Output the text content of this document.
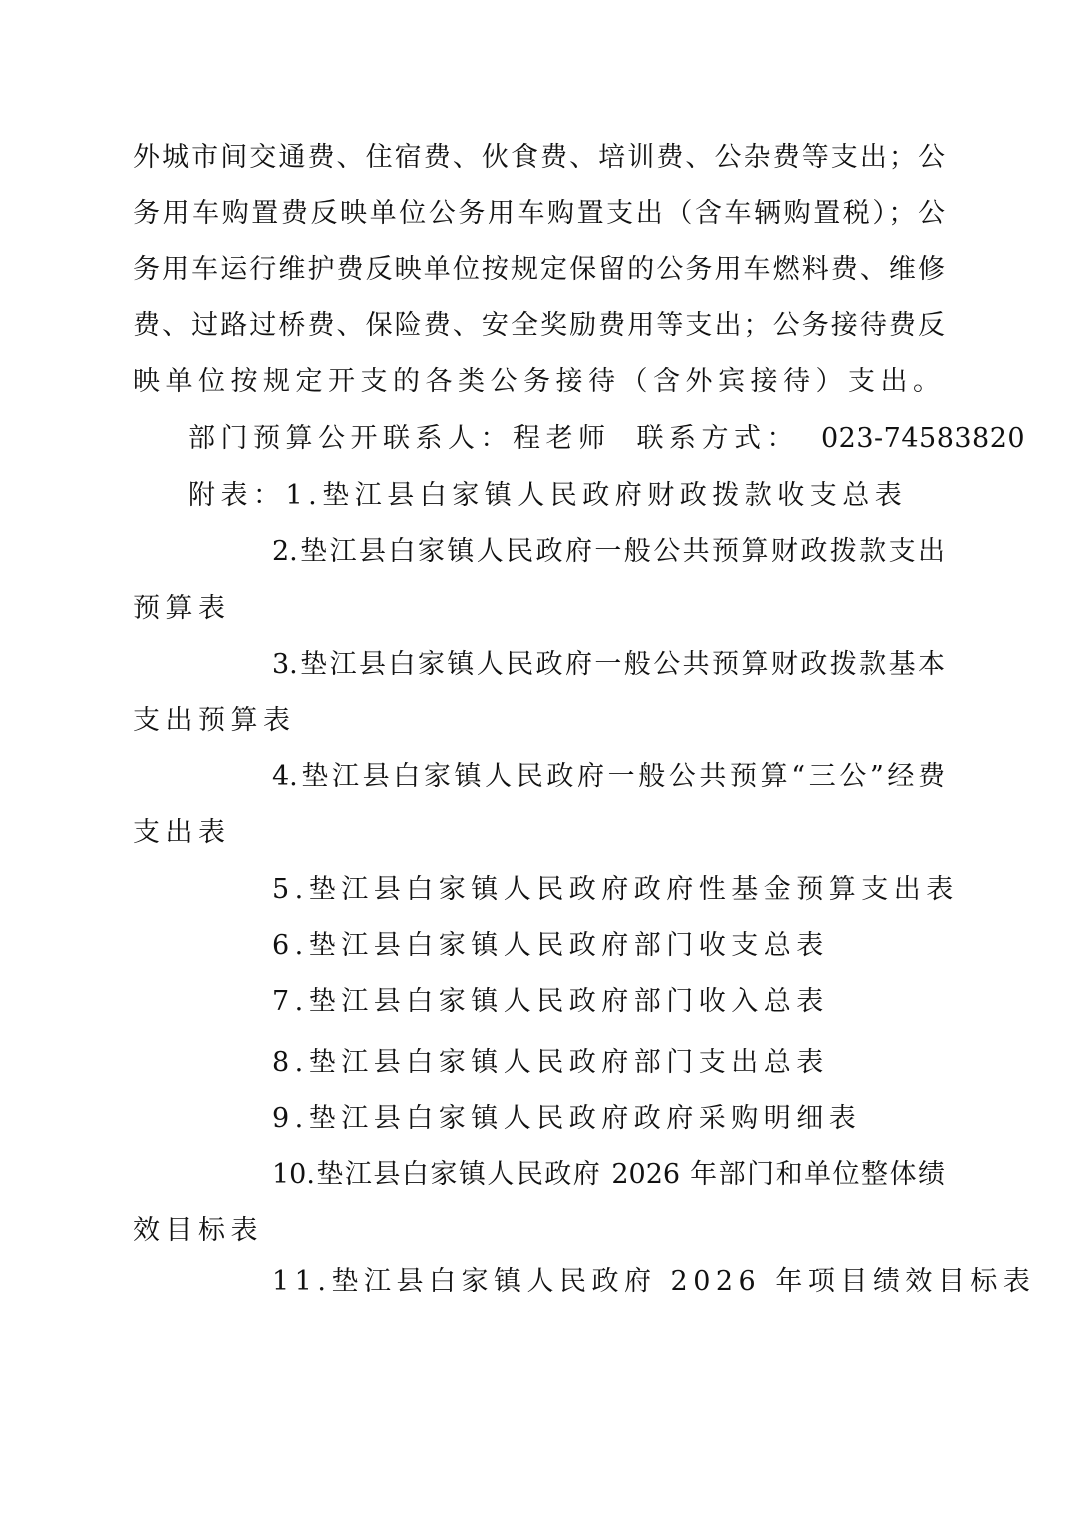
外城市间交通费、住宿费、伙食费、培训费、公杂费等支出；公
务用车购置费反映单位公务用车购置支出（含车辆购置税）；公
务用车运行维护费反映单位按规定保留的公务用车燃料费、维修
费、过路过桥费、保险费、安全奖励费用等支出；公务接待费反
映单位按规定开支的各类公务接待（含外宾接待）支出。
部门预算公开联系人：程老师 联系方式： 023-74583820
附表：1.垫江县白家镇人民政府财政拨款收支总表
2.垫江县白家镇人民政府一般公共预算财政拨款支出
预算表
3.垫江县白家镇人民政府一般公共预算财政拨款基本
支出预算表
4.垫江县白家镇人民政府一般公共预算“三公”经费
支出表
5.垫江县白家镇人民政府政府性基金预算支出表
6.垫江县白家镇人民政府部门收支总表
7.垫江县白家镇人民政府部门收入总表
8.垫江县白家镇人民政府部门支出总表
9.垫江县白家镇人民政府政府采购明细表
10.垫江县白家镇人民政府 2026 年部门和单位整体绩
效目标表
11.垫江县白家镇人民政府 2026 年项目绩效目标表
